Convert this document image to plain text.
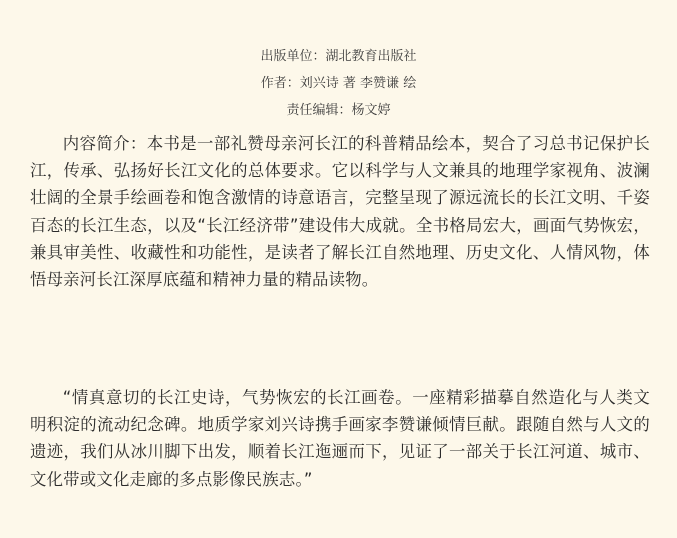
出版单位：湖北教育出版社
作者：刘兴诗 著 李赞谦 绘
责任编辑：杨文婷

内容简介：本书是一部礼赞母亲河长江的科普精品绘本，契合了习总书记保护长江，传承、弘扬好长江文化的总体要求。它以科学与人文兼具的地理学家视角、波澜壮阔的全景手绘画卷和饱含激情的诗意语言，完整呈现了源远流长的长江文明、千姿百态的长江生态，以及“长江经济带”建设伟大成就。全书格局宏大，画面气势恢宏，兼具审美性、收藏性和功能性，是读者了解长江自然地理、历史文化、人情风物，体悟母亲河长江深厚底蕴和精神力量的精品读物。

“情真意切的长江史诗，气势恢宏的长江画卷。一座精彩描摹自然造化与人类文明积淀的流动纪念碑。地质学家刘兴诗携手画家李赞谦倾情巨献。跟随自然与人文的遗迹，我们从冰川脚下出发，顺着长江迤逦而下，见证了一部关于长江河道、城市、文化带或文化走廊的多点影像民族志。”
